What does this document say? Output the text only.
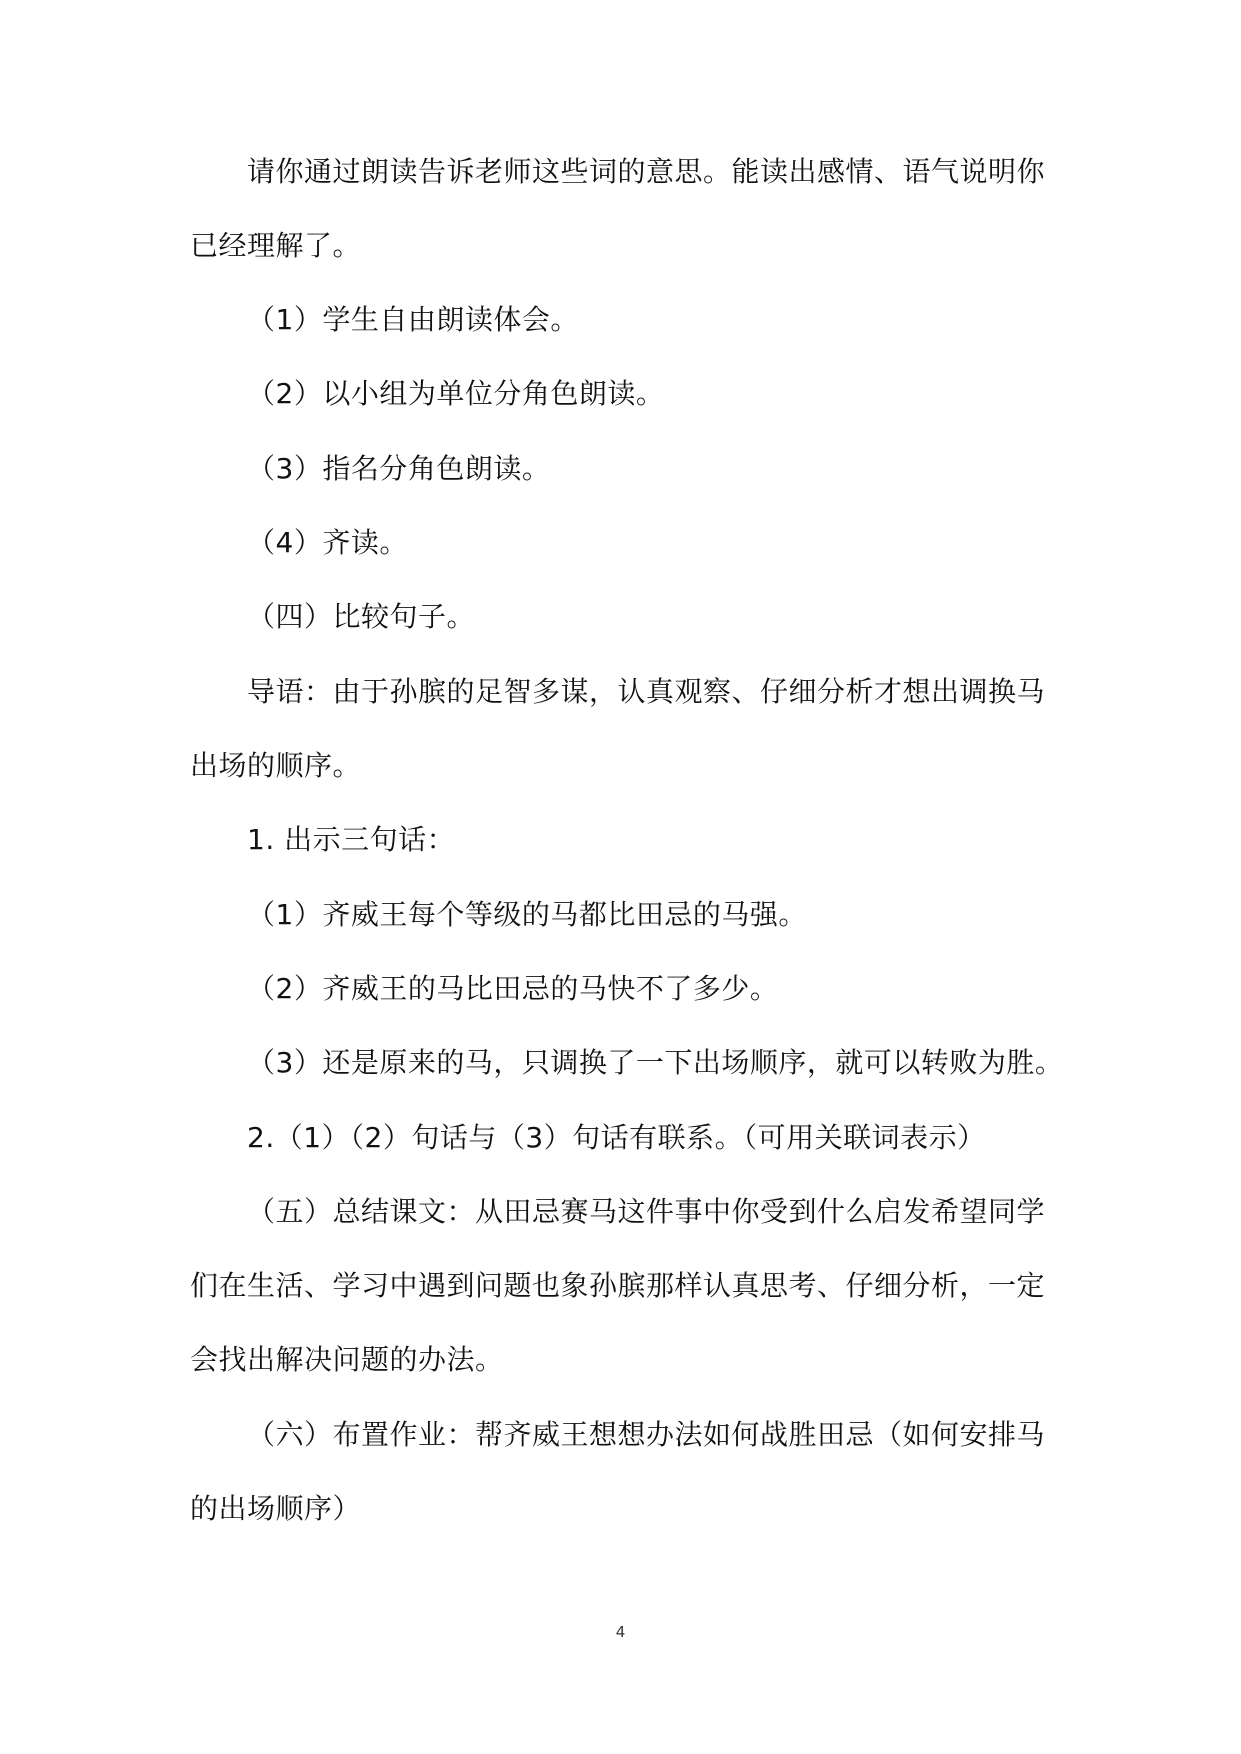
请你通过朗读告诉老师这些词的意思。能读出感情、语气说明你
已经理解了。
（1）学生自由朗读体会。
（2）以小组为单位分角色朗读。
（3）指名分角色朗读。
（4）齐读。
（四）比较句子。
导语：由于孙膑的足智多谋，认真观察、仔细分析才想出调换马
出场的顺序。
1. 出示三句话：
（1）齐威王每个等级的马都比田忌的马强。
（2）齐威王的马比田忌的马快不了多少。
（3）还是原来的马，只调换了一下出场顺序，就可以转败为胜。
2.（1）（2）句话与（3）句话有联系。（可用关联词表示）
（五）总结课文：从田忌赛马这件事中你受到什么启发希望同学
们在生活、学习中遇到问题也象孙膑那样认真思考、仔细分析，一定
会找出解决问题的办法。
（六）布置作业：帮齐威王想想办法如何战胜田忌（如何安排马
的出场顺序）
4
